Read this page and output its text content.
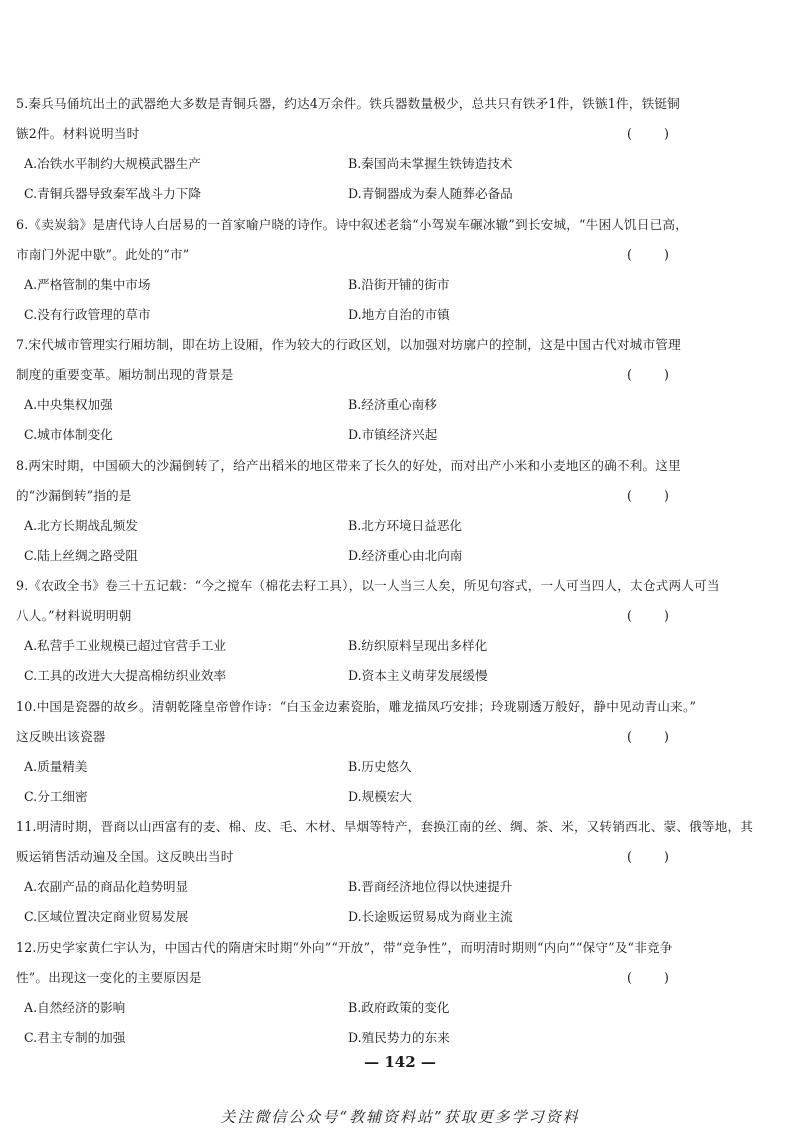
5.秦兵马俑坑出土的武器绝大多数是青铜兵器，约达4万余件。铁兵器数量极少，总共只有铁矛1件，铁镞1件，铁铤铜
镞2件。材料说明当时	(        )
A.冶铁水平制约大规模武器生产	B.秦国尚未掌握生铁铸造技术
C.青铜兵器导致秦军战斗力下降	D.青铜器成为秦人随葬必备品
6.《卖炭翁》是唐代诗人白居易的一首家喻户晓的诗作。诗中叙述老翁“小驾炭车碾冰辙”到长安城，“牛困人饥日已高，
市南门外泥中歇”。此处的“市”	(        )
A.严格管制的集中市场	B.沿街开铺的街市
C.没有行政管理的草市	D.地方自治的市镇
7.宋代城市管理实行厢坊制，即在坊上设厢，作为较大的行政区划，以加强对坊廓户的控制，这是中国古代对城市管理
制度的重要变革。厢坊制出现的背景是	(        )
A.中央集权加强	B.经济重心南移
C.城市体制变化	D.市镇经济兴起
8.两宋时期，中国硕大的沙漏倒转了，给产出稻米的地区带来了长久的好处，而对出产小米和小麦地区的确不利。这里
的“沙漏倒转”指的是	(        )
A.北方长期战乱频发	B.北方环境日益恶化
C.陆上丝绸之路受阻	D.经济重心由北向南
9.《农政全书》卷三十五记载：“今之搅车（棉花去籽工具），以一人当三人矣，所见句容式，一人可当四人，太仓式两人可当
八人。”材料说明明朝	(        )
A.私营手工业规模已超过官营手工业	B.纺织原料呈现出多样化
C.工具的改进大大提高棉纺织业效率	D.资本主义萌芽发展缓慢
10.中国是瓷器的故乡。清朝乾隆皇帝曾作诗：“白玉金边素瓷胎，雕龙描凤巧安排；玲珑剔透万般好，静中见动青山来。”
这反映出该瓷器	(        )
A.质量精美	B.历史悠久
C.分工细密	D.规模宏大
11.明清时期，晋商以山西富有的麦、棉、皮、毛、木材、旱烟等特产，套换江南的丝、绸、茶、米，又转销西北、蒙、俄等地，其
贩运销售活动遍及全国。这反映出当时	(        )
A.农副产品的商品化趋势明显	B.晋商经济地位得以快速提升
C.区域位置决定商业贸易发展	D.长途贩运贸易成为商业主流
12.历史学家黄仁宇认为，中国古代的隋唐宋时期“外向”“开放”，带“竞争性”，而明清时期则“内向”“保守”及“非竞争
性”。出现这一变化的主要原因是	(        )
A.自然经济的影响	B.政府政策的变化
C.君主专制的加强	D.殖民势力的东来
— 142 —
关注微信公众号“教辅资料站”获取更多学习资料
